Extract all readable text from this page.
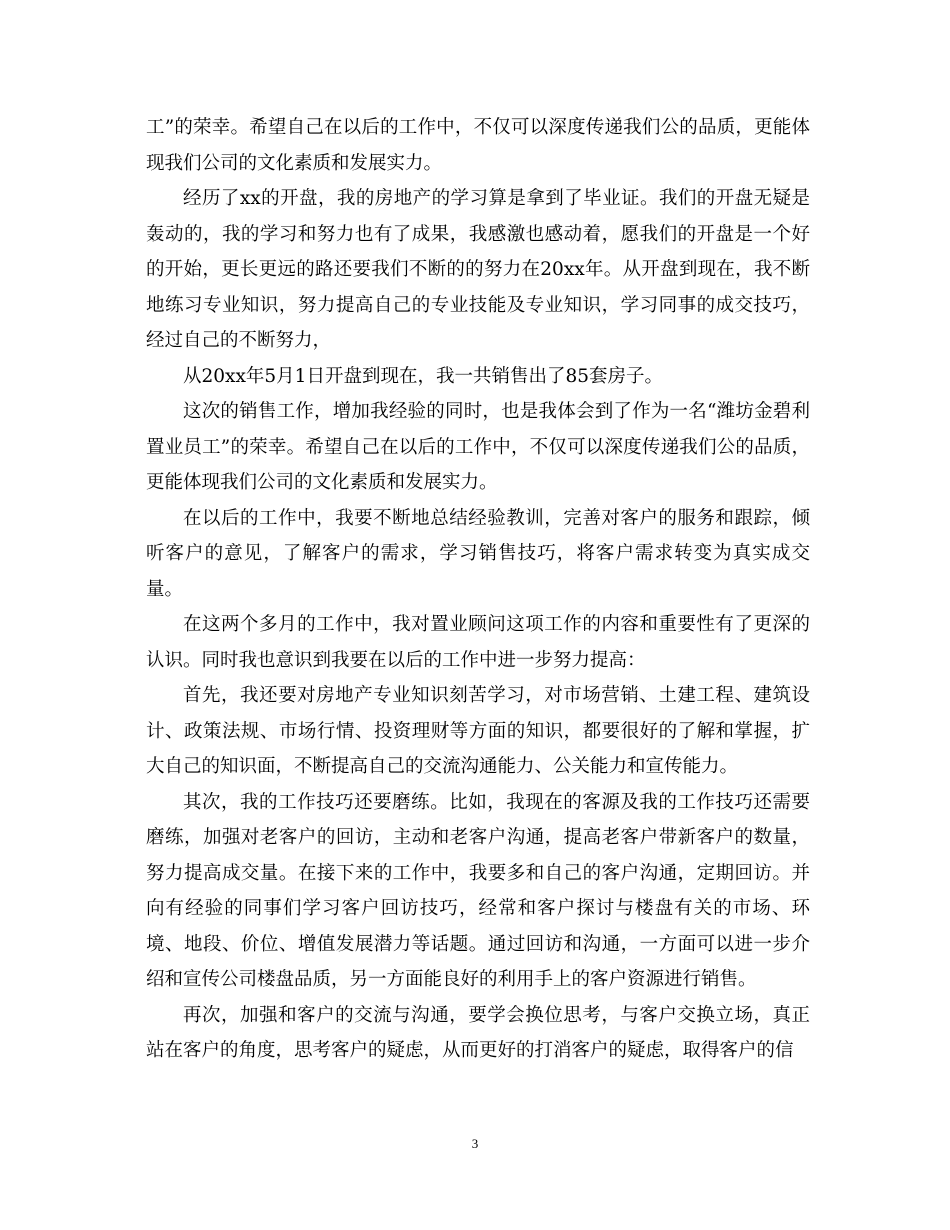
工”的荣幸。希望自己在以后的工作中，不仅可以深度传递我们公的品质，更能体现我们公司的文化素质和发展实力。

经历了xx的开盘，我的房地产的学习算是拿到了毕业证。我们的开盘无疑是轰动的，我的学习和努力也有了成果，我感激也感动着，愿我们的开盘是一个好的开始，更长更远的路还要我们不断的的努力在20xx年。从开盘到现在，我不断地练习专业知识，努力提高自己的专业技能及专业知识，学习同事的成交技巧，经过自己的不断努力，

从20xx年5月1日开盘到现在，我一共销售出了85套房子。

这次的销售工作，增加我经验的同时，也是我体会到了作为一名“潍坊金碧利置业员工”的荣幸。希望自己在以后的工作中，不仅可以深度传递我们公的品质，更能体现我们公司的文化素质和发展实力。

在以后的工作中，我要不断地总结经验教训，完善对客户的服务和跟踪，倾听客户的意见，了解客户的需求，学习销售技巧，将客户需求转变为真实成交量。

在这两个多月的工作中，我对置业顾问这项工作的内容和重要性有了更深的认识。同时我也意识到我要在以后的工作中进一步努力提高：

首先，我还要对房地产专业知识刻苦学习，对市场营销、土建工程、建筑设计、政策法规、市场行情、投资理财等方面的知识，都要很好的了解和掌握，扩大自己的知识面，不断提高自己的交流沟通能力、公关能力和宣传能力。

其次，我的工作技巧还要磨练。比如，我现在的客源及我的工作技巧还需要磨练，加强对老客户的回访，主动和老客户沟通，提高老客户带新客户的数量，努力提高成交量。在接下来的工作中，我要多和自己的客户沟通，定期回访。并向有经验的同事们学习客户回访技巧，经常和客户探讨与楼盘有关的市场、环境、地段、价位、增值发展潜力等话题。通过回访和沟通，一方面可以进一步介绍和宣传公司楼盘品质，另一方面能良好的利用手上的客户资源进行销售。

再次，加强和客户的交流与沟通，要学会换位思考，与客户交换立场，真正站在客户的角度，思考客户的疑虑，从而更好的打消客户的疑虑，取得客户的信

3
